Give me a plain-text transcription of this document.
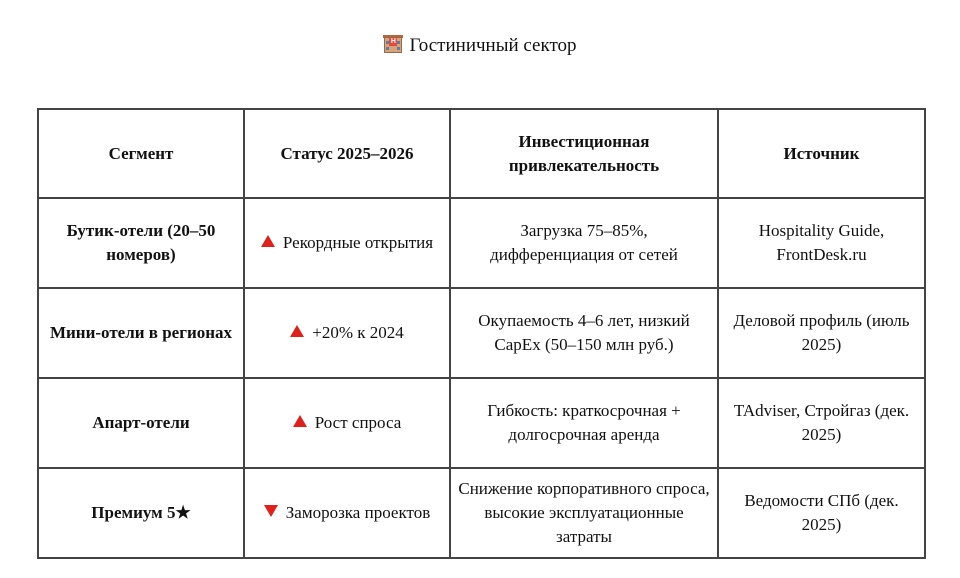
H Гостиничный сектор
Сегмент	Статус 2025–2026	Инвестиционная привлекательность	Источник
Бутик-отели (20–50 номеров)	Рекордные открытия	Загрузка 75–85%, дифференциация от сетей	Hospitality Guide, FrontDesk.ru
Мини-отели в регионах	+20% к 2024	Окупаемость 4–6 лет, низкий CapEx (50–150 млн руб.)	Деловой профиль (июль 2025)
Апарт-отели	Рост спроса	Гибкость: краткосрочная + долгосрочная аренда	TAdviser, Стройгаз (дек. 2025)
Премиум 5★	Заморозка проектов	Снижение корпоративного спроса, высокие эксплуатационные затраты	Ведомости СПб (дек. 2025)
